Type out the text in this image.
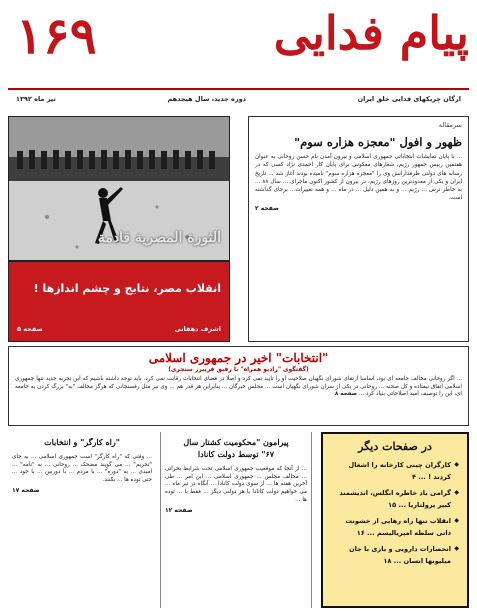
پیام فدایی
۱۶۹
ارگان چریکهای فدایی خلق ایران
دوره جدید، سال هیجدهم
تیر ماه ۱۳۹۲
سرمقاله
ظهور و افول "معجزه هزاره سوم"
... با پایان نمایشات انتخاباتی جمهوری اسلامی و بیرون آمدن نام حسن روحانی به عنوان هفتمین رییس جمهور رژیم، شعارهای معکوس برای پایان کار احمدی نژاد کسی که در رسانه های دولتی طرفدارانش وی را "معجزه هزاره سوم" نامیده بودند آغاز شد ... تاریخ ایران و یکی از معدودترین روزهای رژیم، در بیرون از کشور اکنون ماجرای ... سال ۸۸ ... به خاطر ترس ... رژیم ... و به همین دلیل ... در ماه ... و همه تغییرات... برجای گذاشته است.
صفحه ۲
الثورة المصرية قادمة
انقلاب مصر، نتایج و چشم اندازها !
اشرف دهقانی
صفحه ۵
"انتخابات" اخیر در جمهوری اسلامی
(گفتگوی "رادیو همراه" با رفیق فریبرز سنجری)
... اگر روحانی مخالف جامعه ای بود، اساسا ارتقای شورای نگهبان صلاحیت او را تایید نمی کرد و اصلا در فضای انتخابات رقابت نمی کرد. باید توجه داشته باشیم که این تجربه جدید تنها جمهوری اسلامی اتفاق نیفتاده و کل صحنه ... روحانی در یکی از سران شورای نگهبان است ... مجلس خبرگان ... بنابراین هر قدر هم ... وی نیز مثل رفسنجانی که هرگز مخالف "به" بزرگ کردن به جامعه ای، این را توصیف امید اصلاحاتی بنیاد کرد ... صفحه ۸
"راه کارگر" و انتخابات
... وقتی که "راه کارگر" است جمهوری اسلامی ... به جای "تحریم" ... می گویند مضحک ... روحانی ... به "نامه" ... امیدی ... به "دوره" ... با مردم ... با دوربین ... با خود ... حتی توده ها ... بکنند.
صفحه ۱۷
پیرامون "محکومیت کشتار سال
۶۷" توسط دولت کانادا
... از آنجا که موقعیت جمهوری اسلامی تحت شرایط بحرانی ... مخالف مجلس ... جمهوری اسلامی ... این امر ... طی آخرین هفته ها ... از سوی دولت کانادا ... آنگاه در تیر ماه ... می خواهیم دولت کانادا یا هر دولتی دیگر ... فقط با ... توده ها ...
صفحه ۱۲
در صفحات دیگر
◆ کارگران چینی کارخانه را اشغال کردند ! ... ۴
◆ گرامی باد خاطره انگلس، اندیشمند کبیر پرولتاریا ... ۱۵
◆ انقلاب تنها راه رهایی از خشونت ذاتی سلطه امپریالیسم ... ۱۶
◆ انحصارات دارویی و بازی با جان میلیونها انسان ... ۱۸
